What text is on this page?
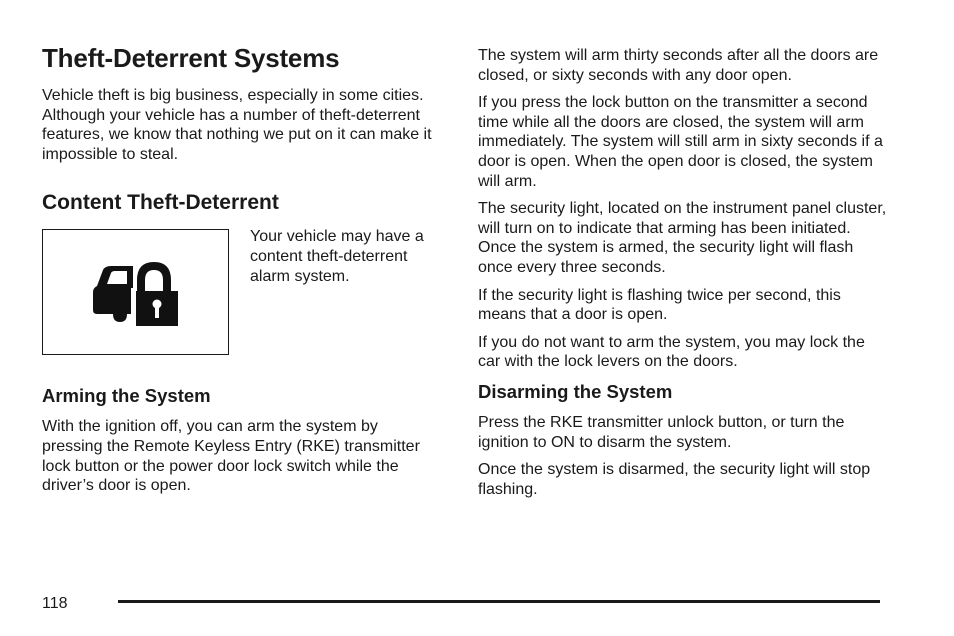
Theft-Deterrent Systems

Vehicle theft is big business, especially in some cities. Although your vehicle has a number of theft-deterrent features, we know that nothing we put on it can make it impossible to steal.

Content Theft-Deterrent

Your vehicle may have a content theft-deterrent alarm system.

Arming the System

With the ignition off, you can arm the system by pressing the Remote Keyless Entry (RKE) transmitter lock button or the power door lock switch while the driver’s door is open.

The system will arm thirty seconds after all the doors are closed, or sixty seconds with any door open.

If you press the lock button on the transmitter a second time while all the doors are closed, the system will arm immediately. The system will still arm in sixty seconds if a door is open. When the open door is closed, the system will arm.

The security light, located on the instrument panel cluster, will turn on to indicate that arming has been initiated. Once the system is armed, the security light will flash once every three seconds.

If the security light is flashing twice per second, this means that a door is open.

If you do not want to arm the system, you may lock the car with the lock levers on the doors.

Disarming the System

Press the RKE transmitter unlock button, or turn the ignition to ON to disarm the system.

Once the system is disarmed, the security light will stop flashing.

118
